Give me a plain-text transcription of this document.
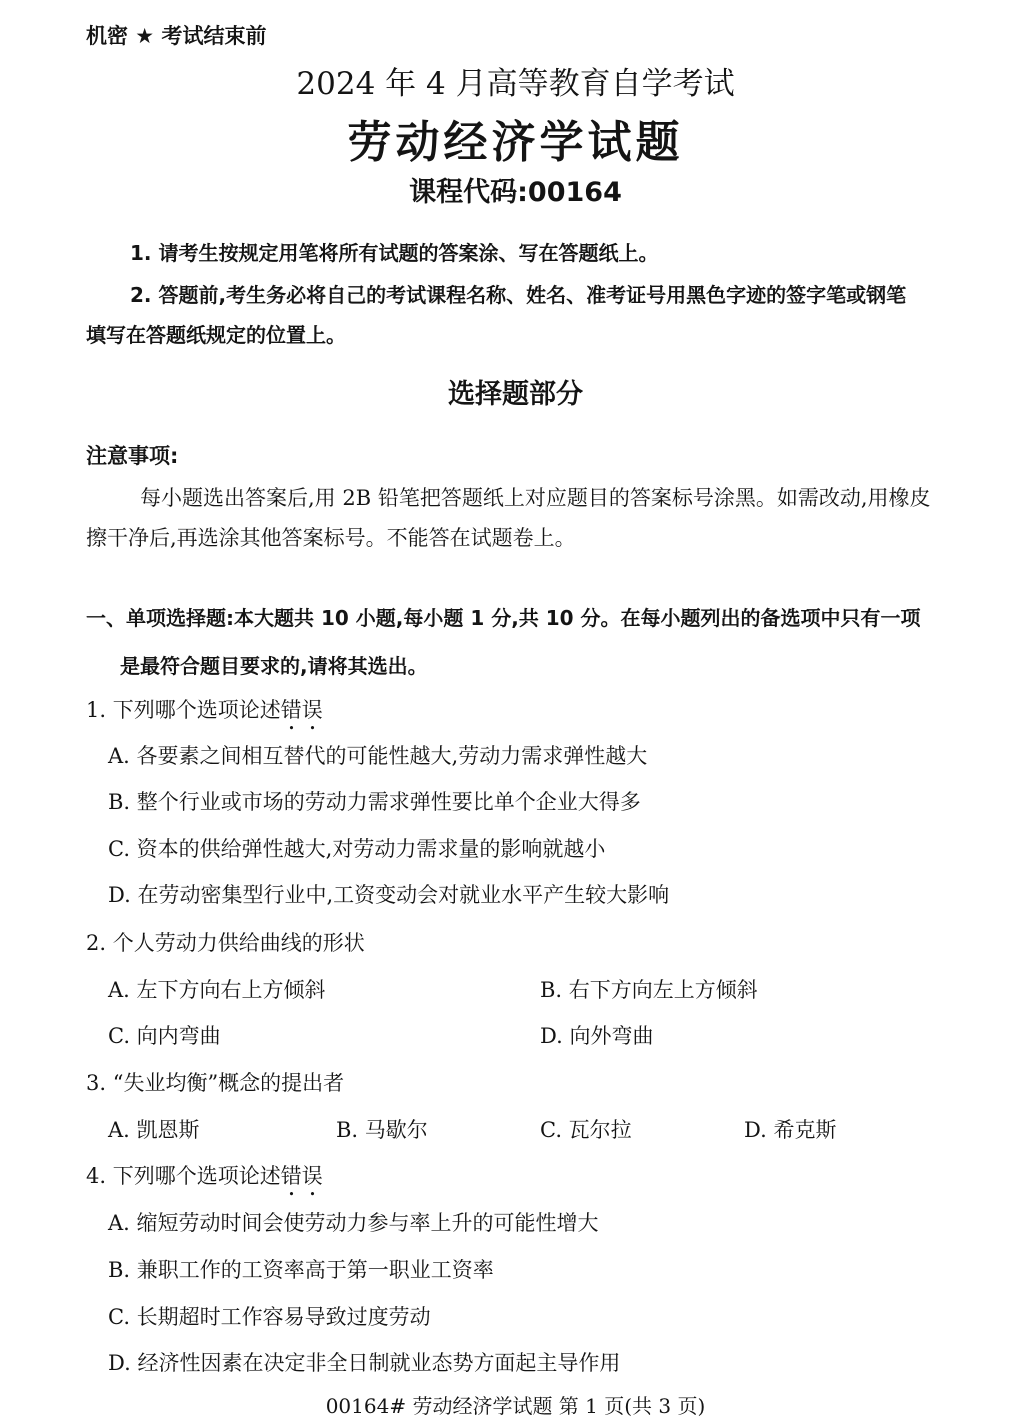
机密 ★ 考试结束前
2024 年 4 月高等教育自学考试
劳动经济学试题
课程代码:00164
1. 请考生按规定用笔将所有试题的答案涂、写在答题纸上。
2. 答题前,考生务必将自己的考试课程名称、姓名、准考证号用黑色字迹的签字笔或钢笔
填写在答题纸规定的位置上。
选择题部分
注意事项:
每小题选出答案后,用 2B 铅笔把答题纸上对应题目的答案标号涂黑。如需改动,用橡皮
擦干净后,再选涂其他答案标号。不能答在试题卷上。
一、单项选择题:本大题共 10 小题,每小题 1 分,共 10 分。在每小题列出的备选项中只有一项
是最符合题目要求的,请将其选出。
1. 下列哪个选项论述错误
A. 各要素之间相互替代的可能性越大,劳动力需求弹性越大
B. 整个行业或市场的劳动力需求弹性要比单个企业大得多
C. 资本的供给弹性越大,对劳动力需求量的影响就越小
D. 在劳动密集型行业中,工资变动会对就业水平产生较大影响
2. 个人劳动力供给曲线的形状
A. 左下方向右上方倾斜	B. 右下方向左上方倾斜
C. 向内弯曲	D. 向外弯曲
3. “失业均衡”概念的提出者
A. 凯恩斯	B. 马歇尔	C. 瓦尔拉	D. 希克斯
4. 下列哪个选项论述错误
A. 缩短劳动时间会使劳动力参与率上升的可能性增大
B. 兼职工作的工资率高于第一职业工资率
C. 长期超时工作容易导致过度劳动
D. 经济性因素在决定非全日制就业态势方面起主导作用
00164# 劳动经济学试题 第 1 页(共 3 页)
